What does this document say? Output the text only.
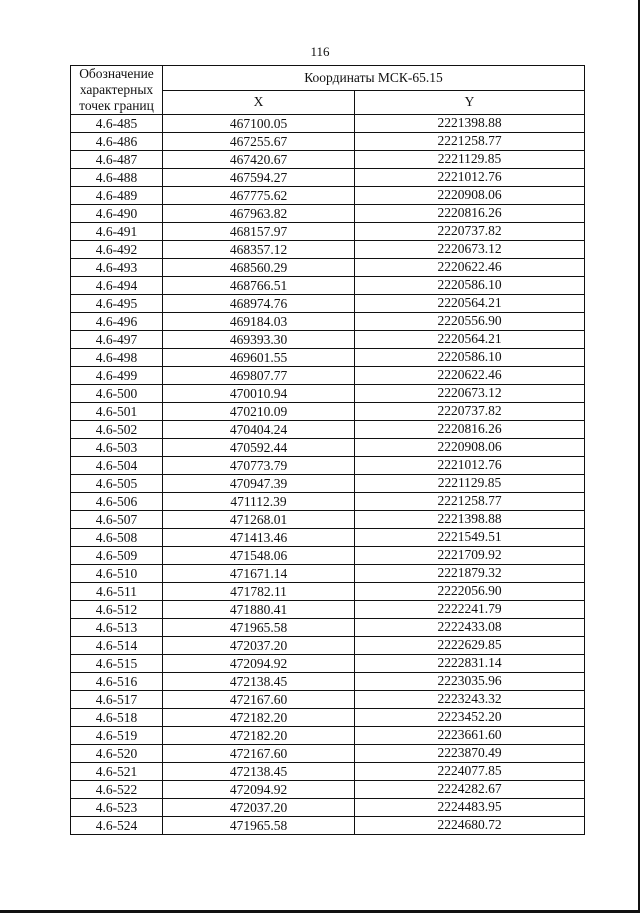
116
Обозначение характерных точек границ	Координаты МСК-65.15	
	X	Y
4.6-485	467100.05	2221398.88
4.6-486	467255.67	2221258.77
4.6-487	467420.67	2221129.85
4.6-488	467594.27	2221012.76
4.6-489	467775.62	2220908.06
4.6-490	467963.82	2220816.26
4.6-491	468157.97	2220737.82
4.6-492	468357.12	2220673.12
4.6-493	468560.29	2220622.46
4.6-494	468766.51	2220586.10
4.6-495	468974.76	2220564.21
4.6-496	469184.03	2220556.90
4.6-497	469393.30	2220564.21
4.6-498	469601.55	2220586.10
4.6-499	469807.77	2220622.46
4.6-500	470010.94	2220673.12
4.6-501	470210.09	2220737.82
4.6-502	470404.24	2220816.26
4.6-503	470592.44	2220908.06
4.6-504	470773.79	2221012.76
4.6-505	470947.39	2221129.85
4.6-506	471112.39	2221258.77
4.6-507	471268.01	2221398.88
4.6-508	471413.46	2221549.51
4.6-509	471548.06	2221709.92
4.6-510	471671.14	2221879.32
4.6-511	471782.11	2222056.90
4.6-512	471880.41	2222241.79
4.6-513	471965.58	2222433.08
4.6-514	472037.20	2222629.85
4.6-515	472094.92	2222831.14
4.6-516	472138.45	2223035.96
4.6-517	472167.60	2223243.32
4.6-518	472182.20	2223452.20
4.6-519	472182.20	2223661.60
4.6-520	472167.60	2223870.49
4.6-521	472138.45	2224077.85
4.6-522	472094.92	2224282.67
4.6-523	472037.20	2224483.95
4.6-524	471965.58	2224680.72
